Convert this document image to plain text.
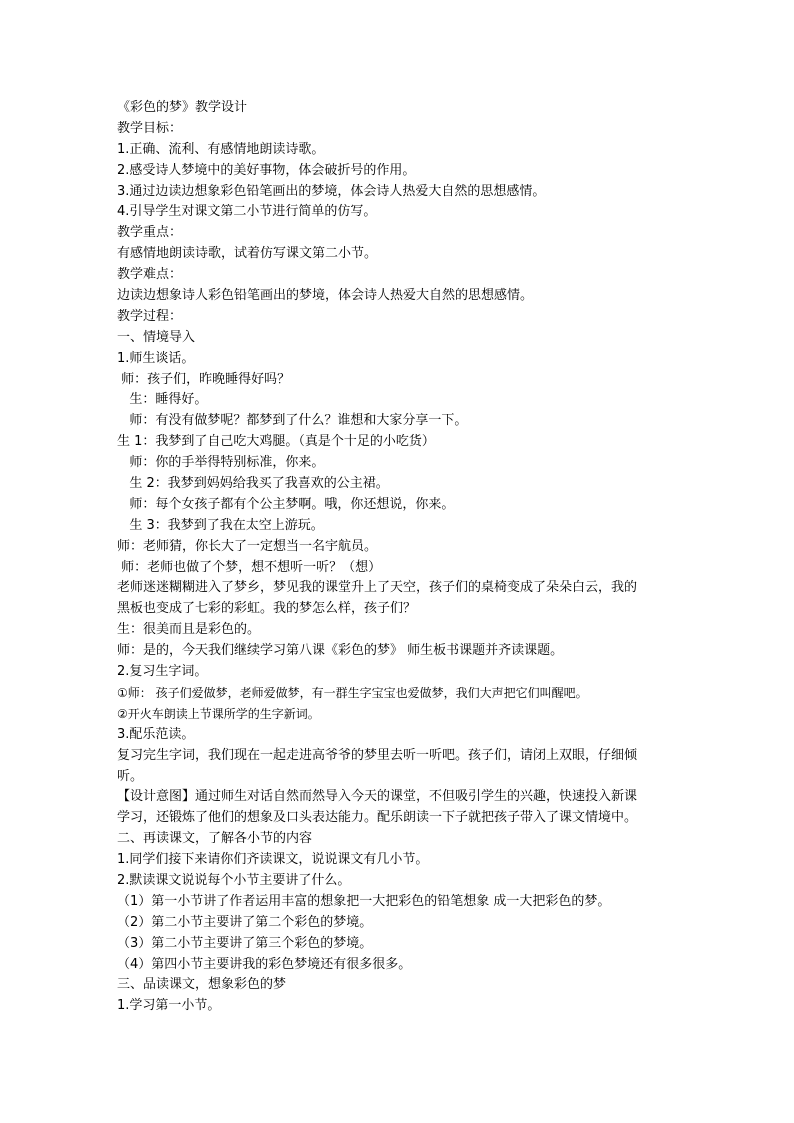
《彩色的梦》教学设计
教学目标：
1.正确、流利、有感情地朗读诗歌。
2.感受诗人梦境中的美好事物，体会破折号的作用。
3.通过边读边想象彩色铅笔画出的梦境，体会诗人热爱大自然的思想感情。
4.引导学生对课文第二小节进行简单的仿写。
教学重点：
有感情地朗读诗歌，试着仿写课文第二小节。
教学难点：
边读边想象诗人彩色铅笔画出的梦境，体会诗人热爱大自然的思想感情。
教学过程：
一、情境导入
1.师生谈话。
师：孩子们，昨晚睡得好吗？
生：睡得好。
师：有没有做梦呢？都梦到了什么？谁想和大家分享一下。
生 1：我梦到了自己吃大鸡腿。（真是个十足的小吃货）
师：你的手举得特别标准，你来。
生 2：我梦到妈妈给我买了我喜欢的公主裙。
师：每个女孩子都有个公主梦啊。哦，你还想说，你来。
生 3：我梦到了我在太空上游玩。
师：老师猜，你长大了一定想当一名宇航员。
师：老师也做了个梦，想不想听一听？（想）
老师迷迷糊糊进入了梦乡，梦见我的课堂升上了天空，孩子们的桌椅变成了朵朵白云，我的
黑板也变成了七彩的彩虹。我的梦怎么样，孩子们？
生：很美而且是彩色的。
师：是的，今天我们继续学习第八课《彩色的梦》 师生板书课题并齐读课题。
2.复习生字词。
①师： 孩子们爱做梦，老师爱做梦，有一群生字宝宝也爱做梦，我们大声把它们叫醒吧。
②开火车朗读上节课所学的生字新词。
3.配乐范读。
复习完生字词，我们现在一起走进高爷爷的梦里去听一听吧。孩子们，请闭上双眼，仔细倾
听。
【设计意图】通过师生对话自然而然导入今天的课堂，不但吸引学生的兴趣，快速投入新课
学习，还锻炼了他们的想象及口头表达能力。配乐朗读一下子就把孩子带入了课文情境中。
二、再读课文，了解各小节的内容
1.同学们接下来请你们齐读课文，说说课文有几小节。
2.默读课文说说每个小节主要讲了什么。
（1）第一小节讲了作者运用丰富的想象把一大把彩色的铅笔想象 成一大把彩色的梦。
（2）第二小节主要讲了第二个彩色的梦境。
（3）第二小节主要讲了第三个彩色的梦境。
（4）第四小节主要讲我的彩色梦境还有很多很多。
三、品读课文，想象彩色的梦
1.学习第一小节。
